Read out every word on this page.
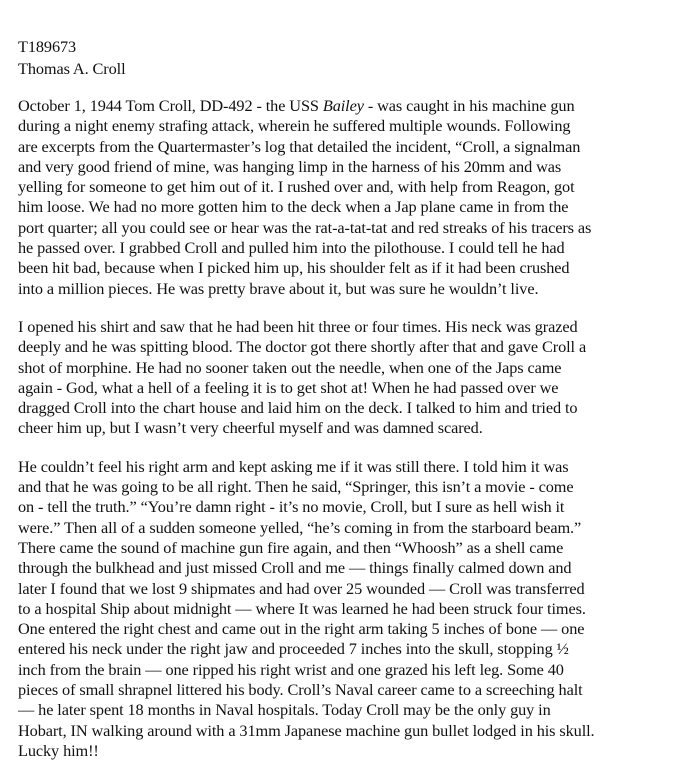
T189673
Thomas A. Croll
October 1, 1944 Tom Croll, DD-492 - the USS Bailey - was caught in his machine gun
during a night enemy strafing attack, wherein he suffered multiple wounds. Following
are excerpts from the Quartermaster’s log that detailed the incident, “Croll, a signalman
and very good friend of mine, was hanging limp in the harness of his 20mm and was
yelling for someone to get him out of it. I rushed over and, with help from Reagon, got
him loose. We had no more gotten him to the deck when a Jap plane came in from the
port quarter; all you could see or hear was the rat-a-tat-tat and red streaks of his tracers as
he passed over. I grabbed Croll and pulled him into the pilothouse. I could tell he had
been hit bad, because when I picked him up, his shoulder felt as if it had been crushed
into a million pieces. He was pretty brave about it, but was sure he wouldn’t live.
I opened his shirt and saw that he had been hit three or four times. His neck was grazed
deeply and he was spitting blood. The doctor got there shortly after that and gave Croll a
shot of morphine. He had no sooner taken out the needle, when one of the Japs came
again - God, what a hell of a feeling it is to get shot at! When he had passed over we
dragged Croll into the chart house and laid him on the deck. I talked to him and tried to
cheer him up, but I wasn’t very cheerful myself and was damned scared.
He couldn’t feel his right arm and kept asking me if it was still there. I told him it was
and that he was going to be all right. Then he said, “Springer, this isn’t a movie - come
on - tell the truth.” “You’re damn right - it’s no movie, Croll, but I sure as hell wish it
were.” Then all of a sudden someone yelled, “he’s coming in from the starboard beam.”
There came the sound of machine gun fire again, and then “Whoosh” as a shell came
through the bulkhead and just missed Croll and me — things finally calmed down and
later I found that we lost 9 shipmates and had over 25 wounded — Croll was transferred
to a hospital Ship about midnight — where It was learned he had been struck four times.
One entered the right chest and came out in the right arm taking 5 inches of bone — one
entered his neck under the right jaw and proceeded 7 inches into the skull, stopping ½
inch from the brain — one ripped his right wrist and one grazed his left leg. Some 40
pieces of small shrapnel littered his body. Croll’s Naval career came to a screeching halt
— he later spent 18 months in Naval hospitals. Today Croll may be the only guy in
Hobart, IN walking around with a 31mm Japanese machine gun bullet lodged in his skull.
Lucky him!!
